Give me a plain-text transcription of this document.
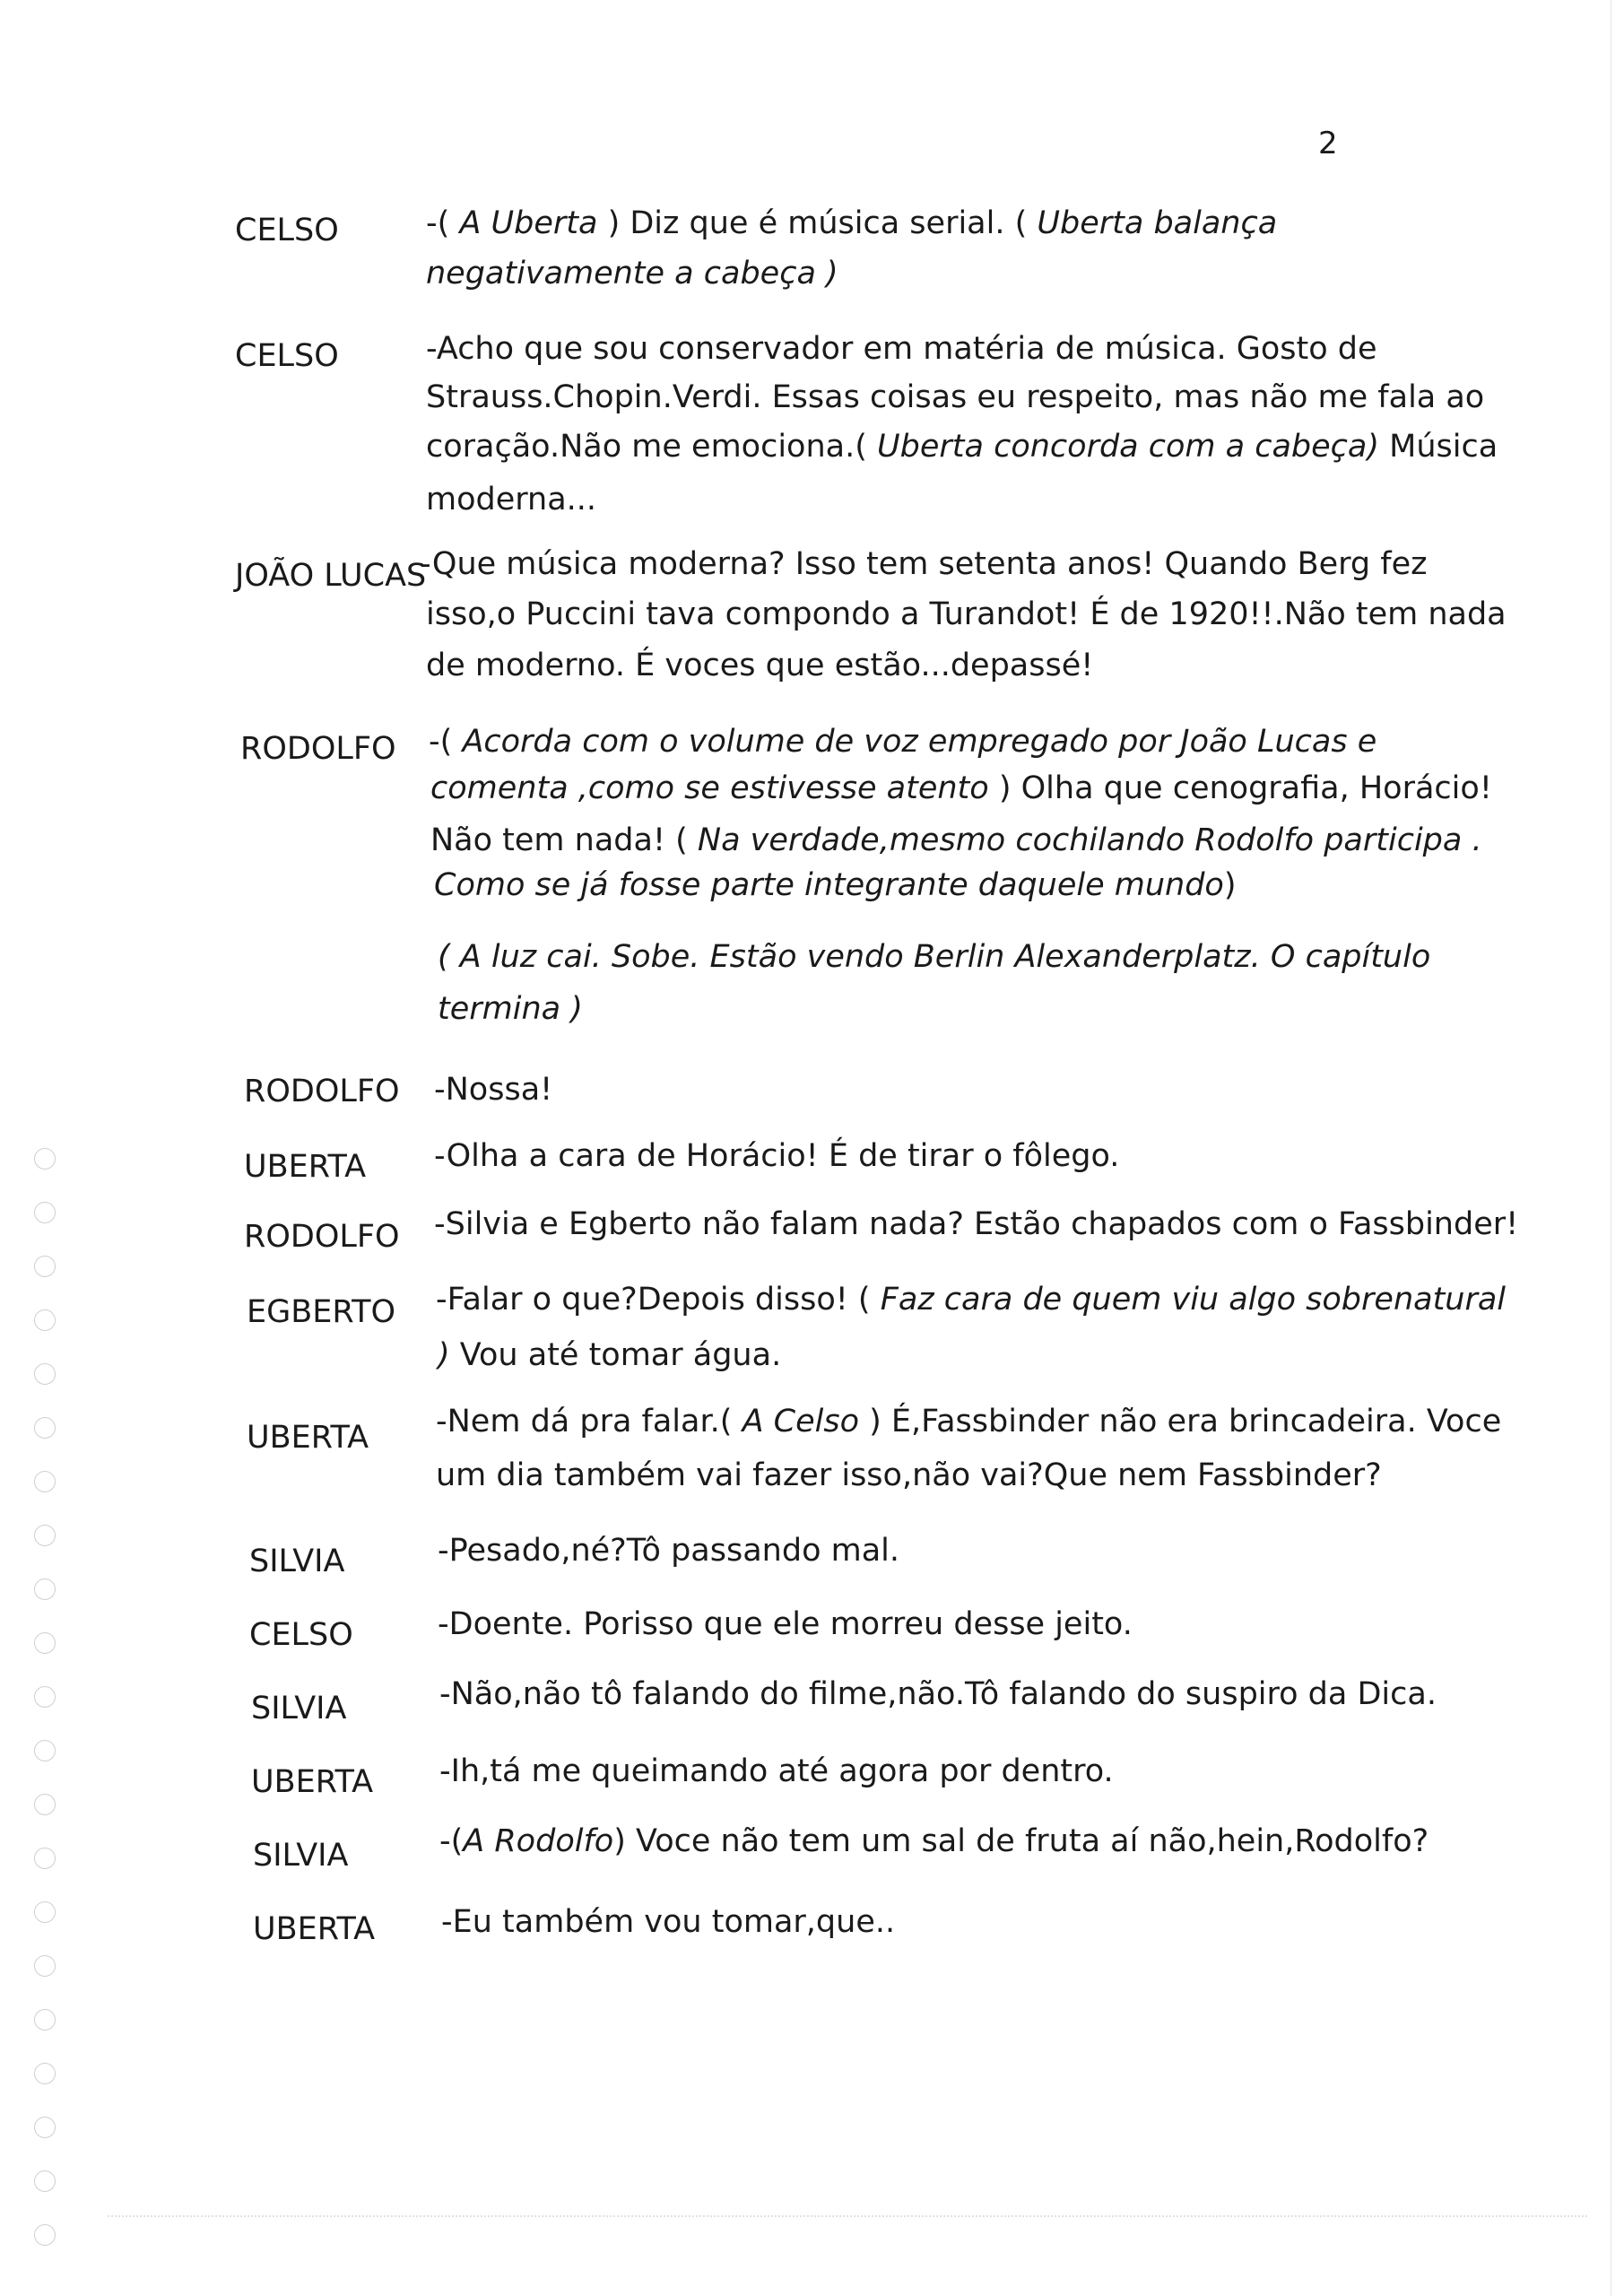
2
CELSO	-( A Uberta ) Diz que é música serial. ( Uberta balança
negativamente a cabeça )
CELSO	-Acho que sou conservador em matéria de música. Gosto de
Strauss.Chopin.Verdi. Essas coisas eu respeito, mas não me fala ao
coração.Não me emociona.( Uberta concorda com a cabeça) Música
moderna...
JOÃO LUCAS
-Que música moderna? Isso tem setenta anos! Quando Berg fez
isso,o Puccini tava compondo a Turandot! É de 1920!!.Não tem nada
de moderno. É voces que estão...depassé!
RODOLFO -( Acorda com o volume de voz empregado por João Lucas e
comenta ,como se estivesse atento ) Olha que cenografia, Horácio!
Não tem nada! ( Na verdade,mesmo cochilando Rodolfo participa .
Como se já fosse parte integrante daquele mundo)
( A luz cai. Sobe. Estão vendo Berlin Alexanderplatz. O capítulo
termina )
RODOLFO -Nossa!
UBERTA -Olha a cara de Horácio! É de tirar o fôlego.
RODOLFO -Silvia e Egberto não falam nada? Estão chapados com o Fassbinder!
EGBERTO -Falar o que?Depois disso! ( Faz cara de quem viu algo sobrenatural
) Vou até tomar água.
UBERTA -Nem dá pra falar.( A Celso ) É,Fassbinder não era brincadeira. Voce
um dia também vai fazer isso,não vai?Que nem Fassbinder?
SILVIA	-Pesado,né?Tô passando mal.
CELSO	-Doente. Porisso que ele morreu desse jeito.
SILVIA	-Não,não tô falando do filme,não.Tô falando do suspiro da Dica.
UBERTA -Ih,tá me queimando até agora por dentro.
SILVIA	-(A Rodolfo) Voce não tem um sal de fruta aí não,hein,Rodolfo?
UBERTA -Eu também vou tomar,que..
